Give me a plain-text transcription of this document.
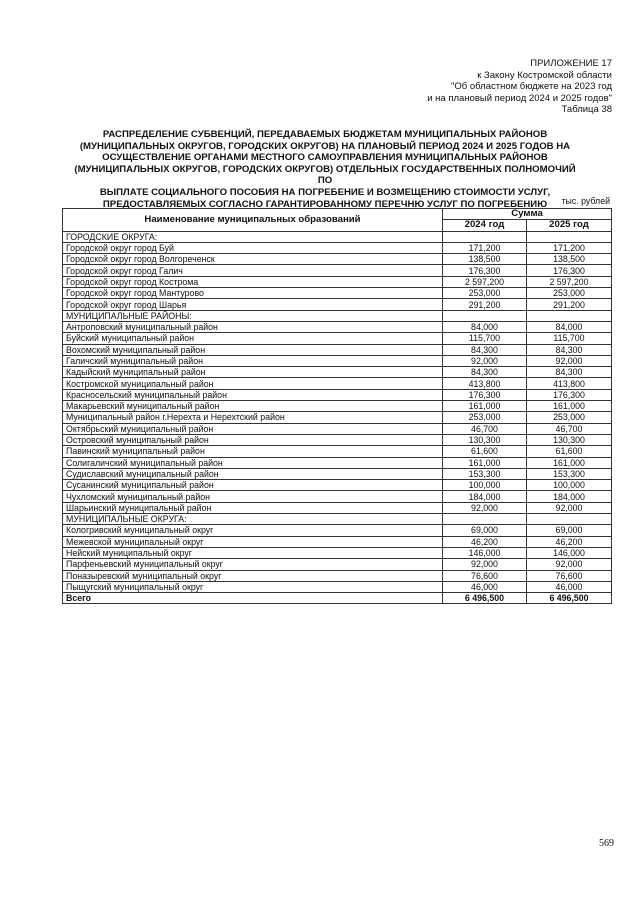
ПРИЛОЖЕНИЕ 17
к Закону Костромской области
"Об областном бюджете на 2023 год
и на плановый период 2024 и 2025 годов"
Таблица 38
РАСПРЕДЕЛЕНИЕ СУБВЕНЦИЙ, ПЕРЕДАВАЕМЫХ БЮДЖЕТАМ МУНИЦИПАЛЬНЫХ РАЙОНОВ
(МУНИЦИПАЛЬНЫХ ОКРУГОВ, ГОРОДСКИХ ОКРУГОВ) НА ПЛАНОВЫЙ ПЕРИОД 2024 И 2025 ГОДОВ НА
ОСУЩЕСТВЛЕНИЕ ОРГАНАМИ МЕСТНОГО САМОУПРАВЛЕНИЯ МУНИЦИПАЛЬНЫХ РАЙОНОВ
(МУНИЦИПАЛЬНЫХ ОКРУГОВ, ГОРОДСКИХ ОКРУГОВ) ОТДЕЛЬНЫХ ГОСУДАРСТВЕННЫХ ПОЛНОМОЧИЙ ПО
ВЫПЛАТЕ СОЦИАЛЬНОГО ПОСОБИЯ НА ПОГРЕБЕНИЕ И ВОЗМЕЩЕНИЮ СТОИМОСТИ УСЛУГ,
ПРЕДОСТАВЛЯЕМЫХ СОГЛАСНО ГАРАНТИРОВАННОМУ ПЕРЕЧНЮ УСЛУГ ПО ПОГРЕБЕНИЮ	тыс. рублей
Наименование муниципальных образований	Сумма	
	2024 год	2025 год
ГОРОДСКИЕ ОКРУГА:		
Городской округ город Буй	171,200	171,200
Городской округ город Волгореченск	138,500	138,500
Городской округ город Галич	176,300	176,300
Городской округ город Кострома	2 597,200	2 597,200
Городской округ город Мантурово	253,000	253,000
Городской округ город Шарья	291,200	291,200
МУНИЦИПАЛЬНЫЕ РАЙОНЫ:		
Антроповский муниципальный район	84,000	84,000
Буйский муниципальный район	115,700	115,700
Вохомский муниципальный район	84,300	84,300
Галичский муниципальный район	92,000	92,000
Кадыйский муниципальный район	84,300	84,300
Костромской муниципальный район	413,800	413,800
Красносельский муниципальный район	176,300	176,300
Макарьевский муниципальный район	161,000	161,000
Муниципальный район г.Нерехта и Нерехтский район	253,000	253,000
Октябрьский муниципальный район	46,700	46,700
Островский муниципальный район	130,300	130,300
Павинский муниципальный район	61,600	61,600
Солигаличский муниципальный район	161,000	161,000
Судиславский муниципальный район	153,300	153,300
Сусанинский муниципальный район	100,000	100,000
Чухломский муниципальный район	184,000	184,000
Шарьинский муниципальный район	92,000	92,000
МУНИЦИПАЛЬНЫЕ ОКРУГА:		
Кологривский муниципальный округ	69,000	69,000
Межевской муниципальный округ	46,200	46,200
Нейский муниципальный округ	146,000	146,000
Парфеньевский муниципальный округ	92,000	92,000
Поназыревский муниципальный округ	76,600	76,600
Пыщугский муниципальный округ	46,000	46,000
Всего	6 496,500	6 496,500
569
